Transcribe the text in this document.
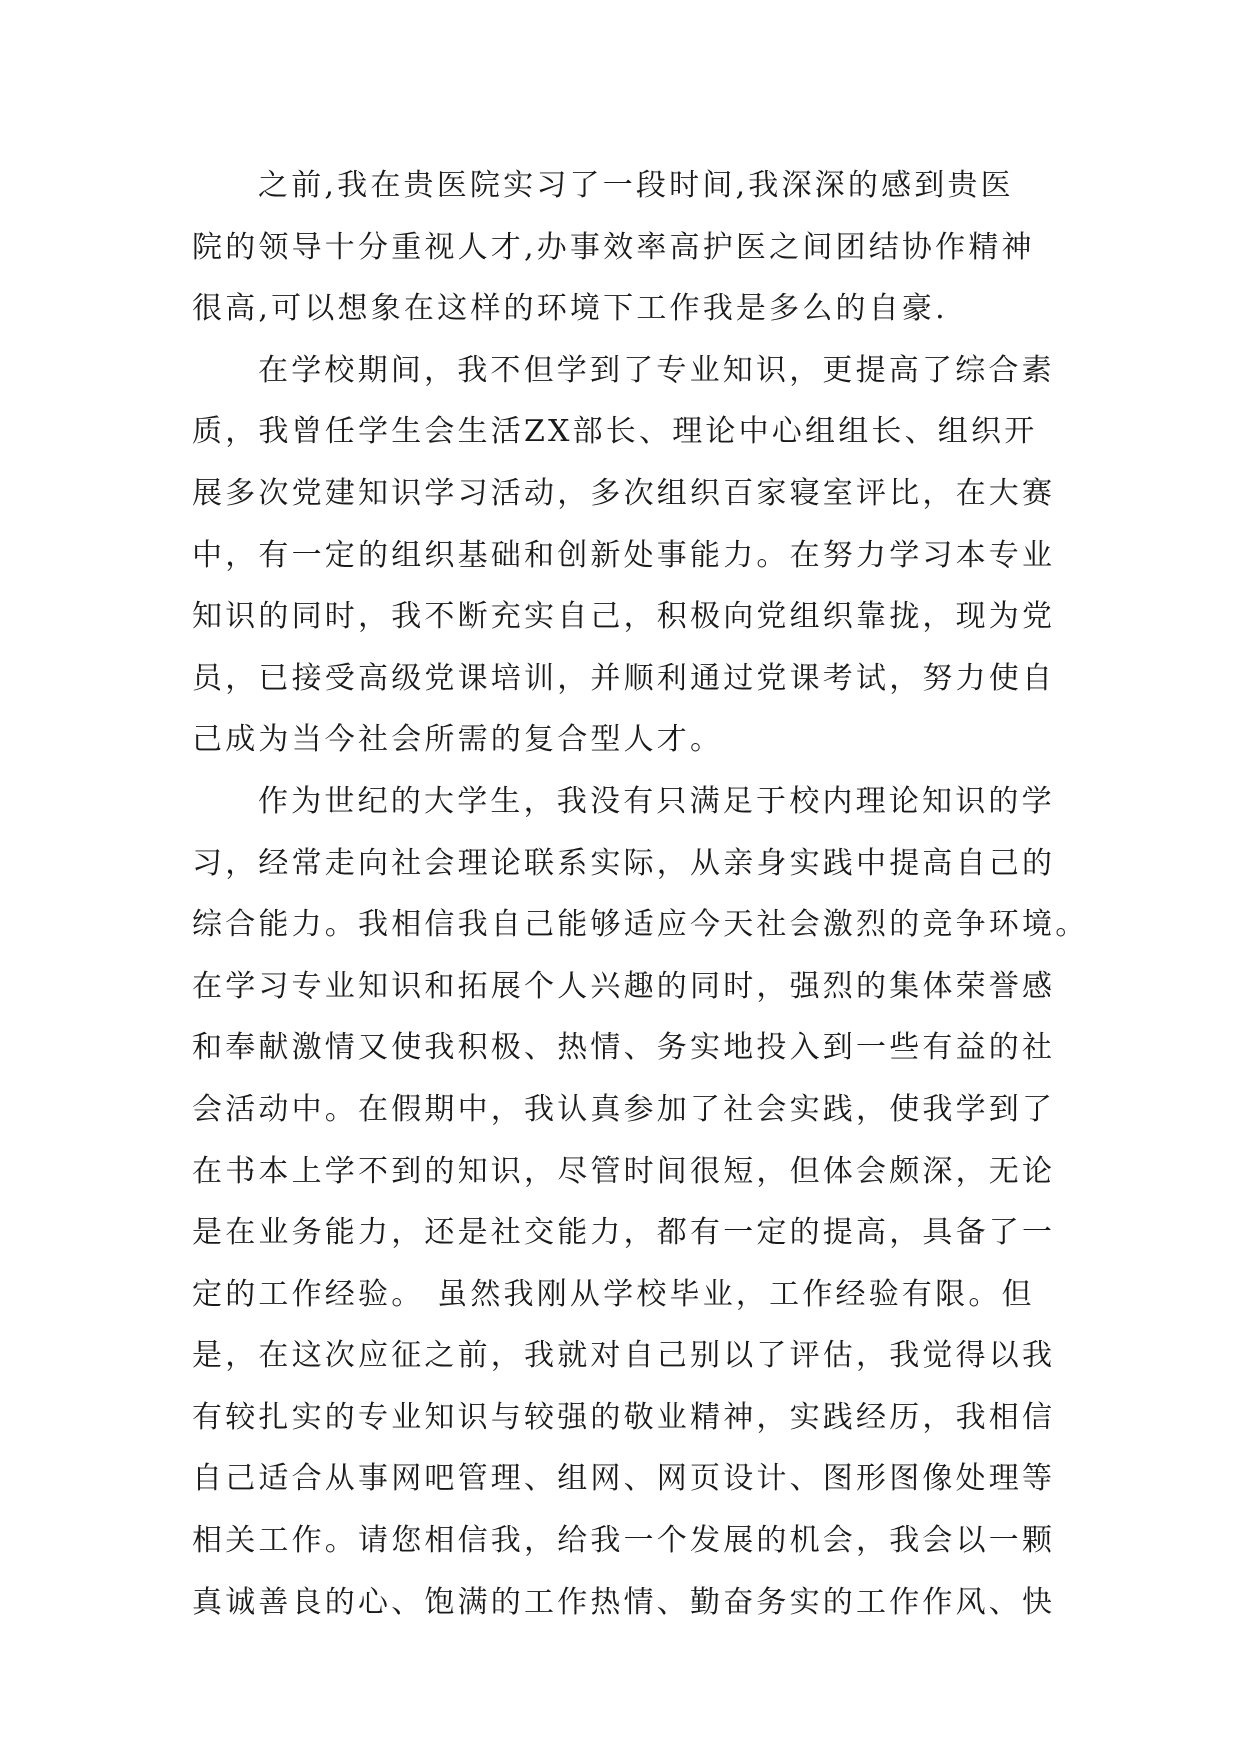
之前,我在贵医院实习了一段时间,我深深的感到贵医
院的领导十分重视人才,办事效率高护医之间团结协作精神
很高,可以想象在这样的环境下工作我是多么的自豪.
在学校期间，我不但学到了专业知识，更提高了综合素
质，我曾任学生会生活ZX部长、理论中心组组长、组织开
展多次党建知识学习活动，多次组织百家寝室评比，在大赛
中，有一定的组织基础和创新处事能力。在努力学习本专业
知识的同时，我不断充实自己，积极向党组织靠拢，现为党
员，已接受高级党课培训，并顺利通过党课考试，努力使自
己成为当今社会所需的复合型人才。
作为世纪的大学生，我没有只满足于校内理论知识的学
习，经常走向社会理论联系实际，从亲身实践中提高自己的
综合能力。我相信我自己能够适应今天社会激烈的竞争环境。
在学习专业知识和拓展个人兴趣的同时，强烈的集体荣誉感
和奉献激情又使我积极、热情、务实地投入到一些有益的社
会活动中。在假期中，我认真参加了社会实践，使我学到了
在书本上学不到的知识，尽管时间很短，但体会颇深，无论
是在业务能力，还是社交能力，都有一定的提高，具备了一
定的工作经验。 虽然我刚从学校毕业，工作经验有限。但
是，在这次应征之前，我就对自己别以了评估，我觉得以我
有较扎实的专业知识与较强的敬业精神，实践经历，我相信
自己适合从事网吧管理、组网、网页设计、图形图像处理等
相关工作。请您相信我，给我一个发展的机会，我会以一颗
真诚善良的心、饱满的工作热情、勤奋务实的工作作风、快
